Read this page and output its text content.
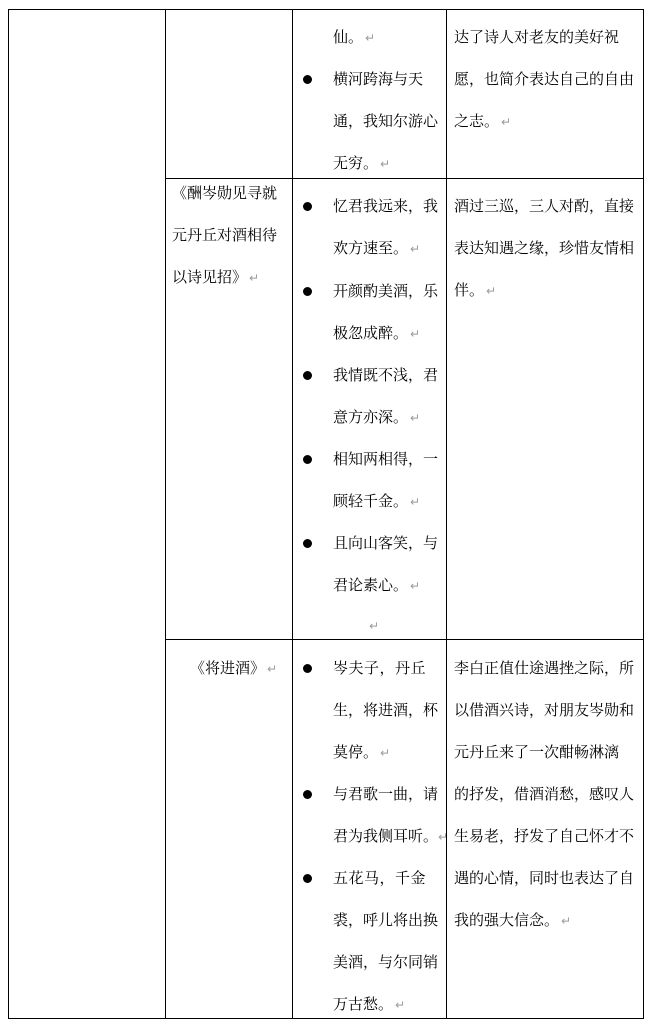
仙。 ↵
横河跨海与天
通，我知尔游心
无穷。 ↵
达了诗人对老友的美好祝
愿，也简介表达自己的自由
之志。 ↵
《酬岑勋见寻就
元丹丘对酒相待
以诗见招》 ↵
忆君我远来，我
欢方速至。 ↵
开颜酌美酒，乐
极忽成醉。 ↵
我情既不浅，君
意方亦深。 ↵
相知两相得，一
顾轻千金。 ↵
且向山客笑，与
君论素心。 ↵
↵
酒过三巡，三人对酌，直接
表达知遇之缘，珍惜友情相
伴。 ↵
《将进酒》 ↵	岑夫子，丹丘
生，将进酒，杯
莫停。 ↵
与君歌一曲，请
君为我侧耳听。↵
五花马，千金
裘，呼儿将出换
美酒，与尔同销
万古愁。 ↵
李白正值仕途遇挫之际，所
以借酒兴诗，对朋友岑勋和
元丹丘来了一次酣畅淋漓
的抒发，借酒消愁，感叹人
生易老，抒发了自己怀才不
遇的心情，同时也表达了自
我的强大信念。 ↵
